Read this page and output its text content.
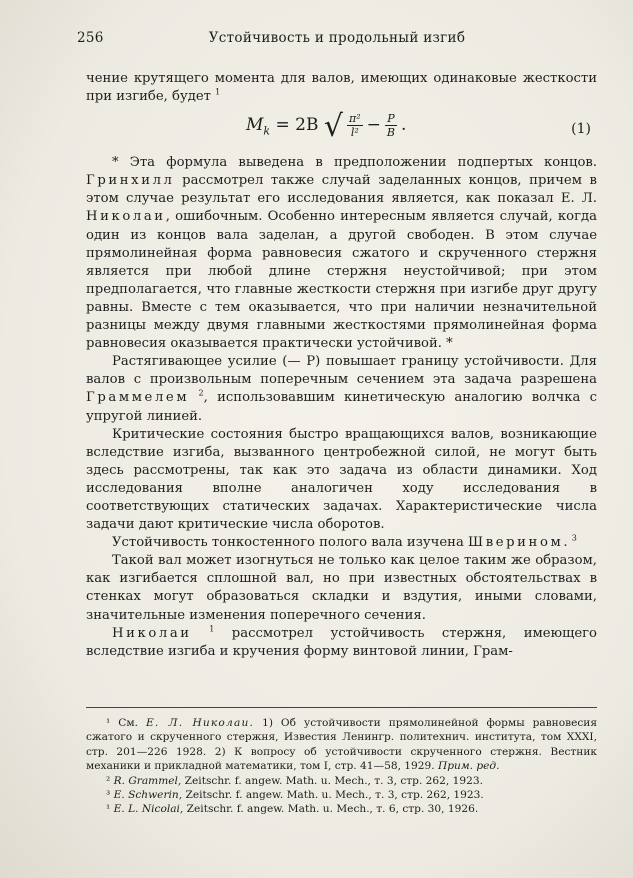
256	Устойчивость и продольный изгиб

чение крутящего момента для валов, имеющих одинаковые жесткости при изгибе, будет $^1$

$M_k = 2B$ √ $\frac{\text{π²}}{\text{l²}} - \frac{P}{B}$ .	(1)

* Эта формула выведена в предположении подпертых концов. Гринхилл рассмотрел также случай заделанных концов, причем в этом случае результат его исследования является, как показал Е. Л. Николаи, ошибочным. Особенно интересным является случай, когда один из концов вала заделан, а другой свободен. В этом случае прямолинейная форма равновесия сжатого и скрученного стержня является при любой длине стержня неустойчивой; при этом предполагается, что главные жесткости стержня при изгибе друг другу равны. Вместе с тем оказывается, что при наличии незначительной разницы между двумя главными жесткостями прямолинейная форма равновесия оказывается практически устойчивой. *

Растягивающее усилие (— P) повышает границу устойчивости. Для валов с произвольным поперечным сечением эта задача разрешена Граммелем $^2$, использовавшим кинетическую аналогию волчка с упругой линией.

Критические состояния быстро вращающихся валов, возникающие вследствие изгиба, вызванного центробежной силой, не могут быть здесь рассмотрены, так как это задача из области динамики. Ход исследования вполне аналогичен ходу исследования в соответствующих статических задачах. Характеристические числа задачи дают критические числа оборотов.

Устойчивость тонкостенного полого вала изучена Шверином. $^3$

Такой вал может изогнуться не только как целое таким же образом, как изгибается сплошной вал, но при известных обстоятельствах в стенках могут образоваться складки и вздутия, иными словами, значительные изменения поперечного сечения.

Николаи $^1$ рассмотрел устойчивость стержня, имеющего вследствие изгиба и кручения форму винтовой линии, Грам-

¹ См. Е. Л. Николаи. 1) Об устойчивости прямолинейной формы равновесия сжатого и скрученного стержня, Известия Ленингр. политехнич. института, том XXXI, стр. 201—226 1928. 2) К вопросу об устойчивости скрученного стержня. Вестник механики и прикладной математики, том I, стр. 41—58, 1929. Прим. ред.

² R. Grammel, Zeitschr. f. angew. Math. u. Mech., т. 3, стр. 262, 1923.

³ E. Schwerin, Zeitschr. f. angew. Math. u. Mech., т. 3, стр. 262, 1923.

¹ E. L. Nicolai, Zeitschr. f. angew. Math. u. Mech., т. 6, стр. 30, 1926.
